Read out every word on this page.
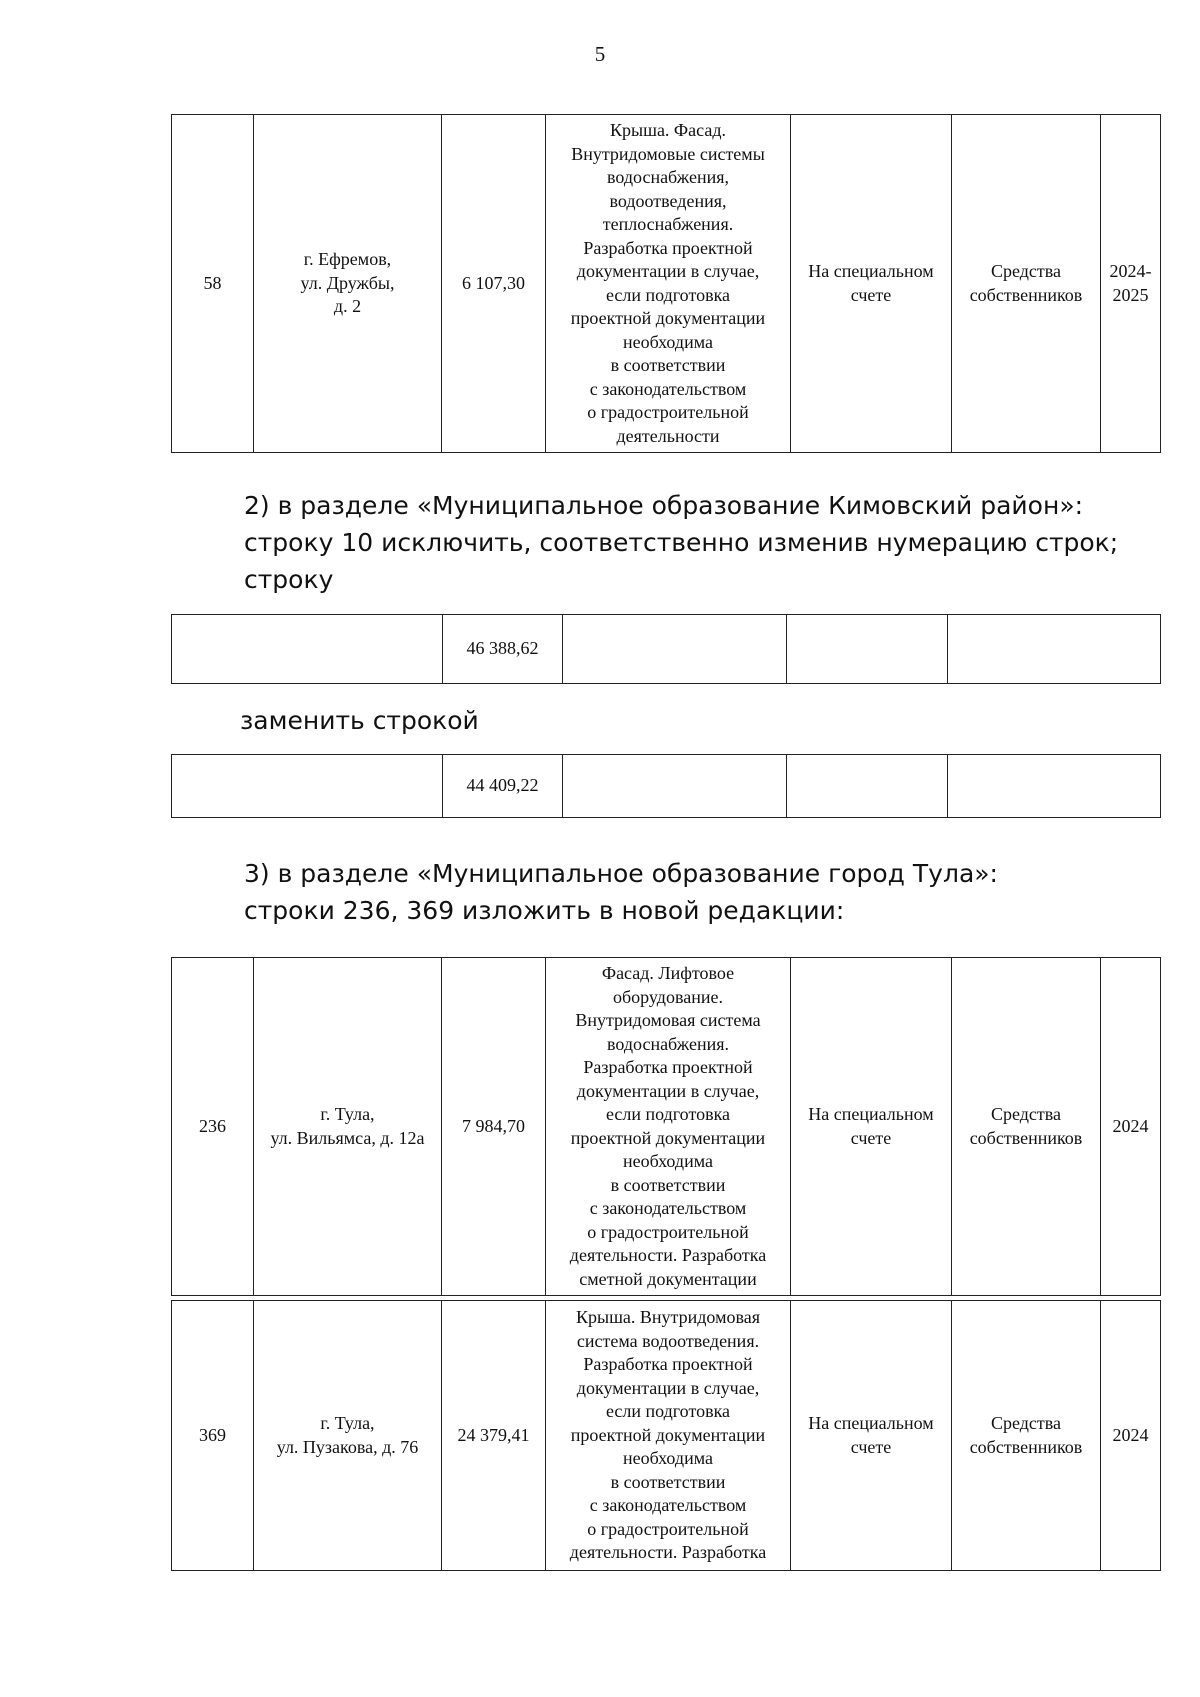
5
58	г. Ефремов,
ул. Дружбы,
д. 2	6 107,30	Крыша. Фасад.
Внутридомовые системы
водоснабжения,
водоотведения,
теплоснабжения.
Разработка проектной
документации в случае,
если подготовка
проектной документации
необходима
в соответствии
с законодательством
о градостроительной
деятельности	На специальном
счете	Средства
собственников	2024-
2025
2) в разделе «Муниципальное образование Кимовский район»:
строку 10 исключить, соответственно изменив нумерацию строк;
строку
	46 388,62			
заменить строкой
	44 409,22			
3) в разделе «Муниципальное образование город Тула»:
строки 236, 369 изложить в новой редакции:
236	г. Тула,
ул. Вильямса, д. 12а	7 984,70	Фасад. Лифтовое
оборудование.
Внутридомовая система
водоснабжения.
Разработка проектной
документации в случае,
если подготовка
проектной документации
необходима
в соответствии
с законодательством
о градостроительной
деятельности. Разработка
сметной документации	На специальном
счете	Средства
собственников	2024
369	г. Тула,
ул. Пузакова, д. 76	24 379,41	Крыша. Внутридомовая
система водоотведения.
Разработка проектной
документации в случае,
если подготовка
проектной документации
необходима
в соответствии
с законодательством
о градостроительной
деятельности. Разработка	На специальном
счете	Средства
собственников	2024
